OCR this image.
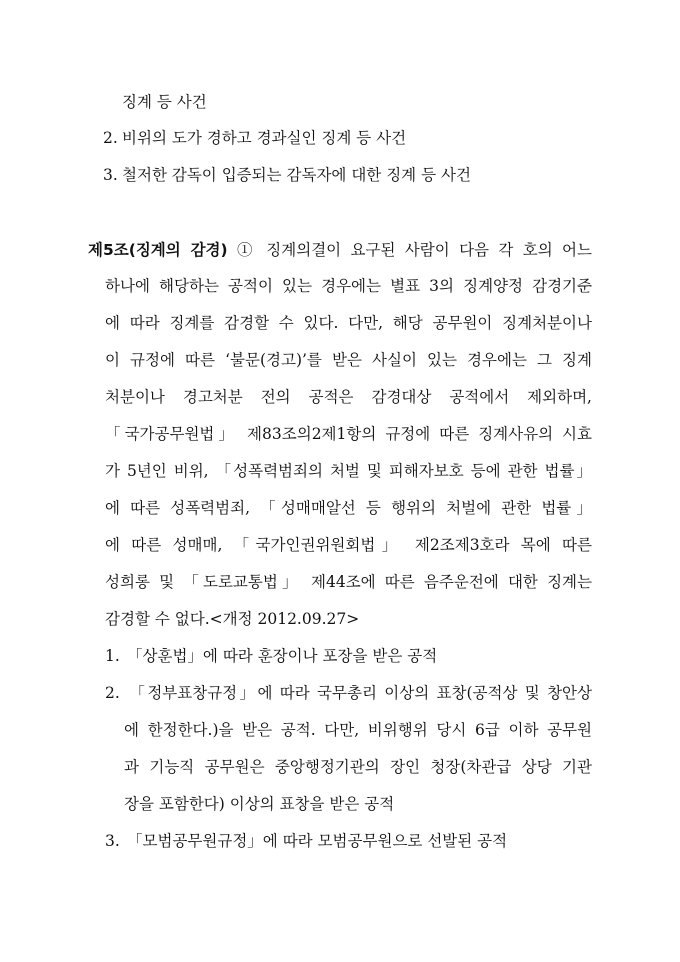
징계 등 사건
2. 비위의 도가 경하고 경과실인 징계 등 사건
3. 철저한 감독이 입증되는 감독자에 대한 징계 등 사건
제5조(징계의 감경) ① 징계의결이 요구된 사람이 다음 각 호의 어느
하나에 해당하는 공적이 있는 경우에는 별표 3의 징계양정 감경기준
에 따라 징계를 감경할 수 있다. 다만, 해당 공무원이 징계처분이나
이 규정에 따른 ‘불문(경고)’를 받은 사실이 있는 경우에는 그 징계
처분이나 경고처분 전의 공적은 감경대상 공적에서 제외하며,
「국가공무원법」 제83조의2제1항의 규정에 따른 징계사유의 시효
가 5년인 비위, 「성폭력범죄의 처벌 및 피해자보호 등에 관한 법률」
에 따른 성폭력범죄, 「성매매알선 등 행위의 처벌에 관한 법률」
에 따른 성매매, 「국가인권위원회법」 제2조제3호라 목에 따른
성희롱 및 「도로교통법」 제44조에 따른 음주운전에 대한 징계는
감경할 수 없다.<개정 2012.09.27>
1. 「상훈법」에 따라 훈장이나 포장을 받은 공적
2. 「정부표창규정」에 따라 국무총리 이상의 표창(공적상 및 창안상
에 한정한다.)을 받은 공적. 다만, 비위행위 당시 6급 이하 공무원
과 기능직 공무원은 중앙행정기관의 장인 청장(차관급 상당 기관
장을 포함한다) 이상의 표창을 받은 공적
3. 「모범공무원규정」에 따라 모범공무원으로 선발된 공적
